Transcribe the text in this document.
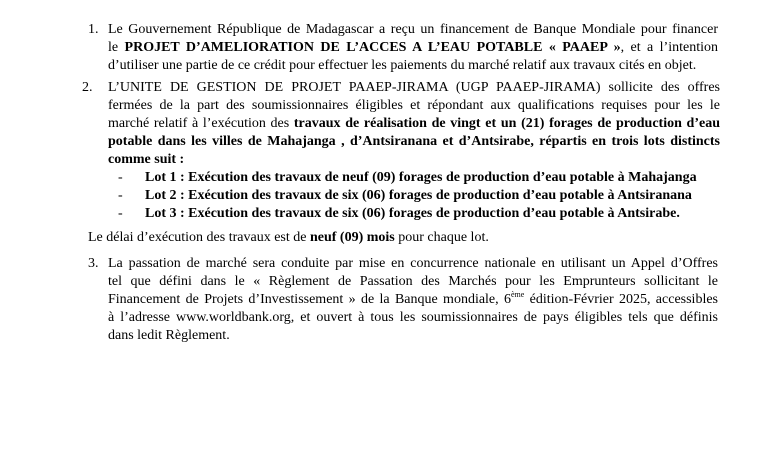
1. Le Gouvernement République de Madagascar a reçu un financement de Banque Mondiale pour financer
le PROJET D’AMELIORATION DE L’ACCES A L’EAU POTABLE « PAAEP », et a l’intention
d’utiliser une partie de ce crédit pour effectuer les paiements du marché relatif aux travaux cités en objet.
2. L’UNITE DE GESTION DE PROJET PAAEP-JIRAMA (UGP PAAEP-JIRAMA) sollicite des offres
fermées de la part des soumissionnaires éligibles et répondant aux qualifications requises pour les le
marché relatif à l’exécution des travaux de réalisation de vingt et un (21) forages de production d’eau
potable dans les villes de Mahajanga , d’Antsiranana et d’Antsirabe, répartis en trois lots distincts
comme suit :
- Lot 1 : Exécution des travaux de neuf (09) forages de production d’eau potable à Mahajanga
- Lot 2 : Exécution des travaux de six (06) forages de production d’eau potable à Antsiranana
- Lot 3 : Exécution des travaux de six (06) forages de production d’eau potable à Antsirabe.
Le délai d’exécution des travaux est de neuf (09) mois pour chaque lot.
3. La passation de marché sera conduite par mise en concurrence nationale en utilisant un Appel d’Offres
tel que défini dans le « Règlement de Passation des Marchés pour les Emprunteurs sollicitant le
Financement de Projets d’Investissement » de la Banque mondiale, 6ème édition-Février 2025, accessibles
à l’adresse www.worldbank.org, et ouvert à tous les soumissionnaires de pays éligibles tels que définis
dans ledit Règlement.
